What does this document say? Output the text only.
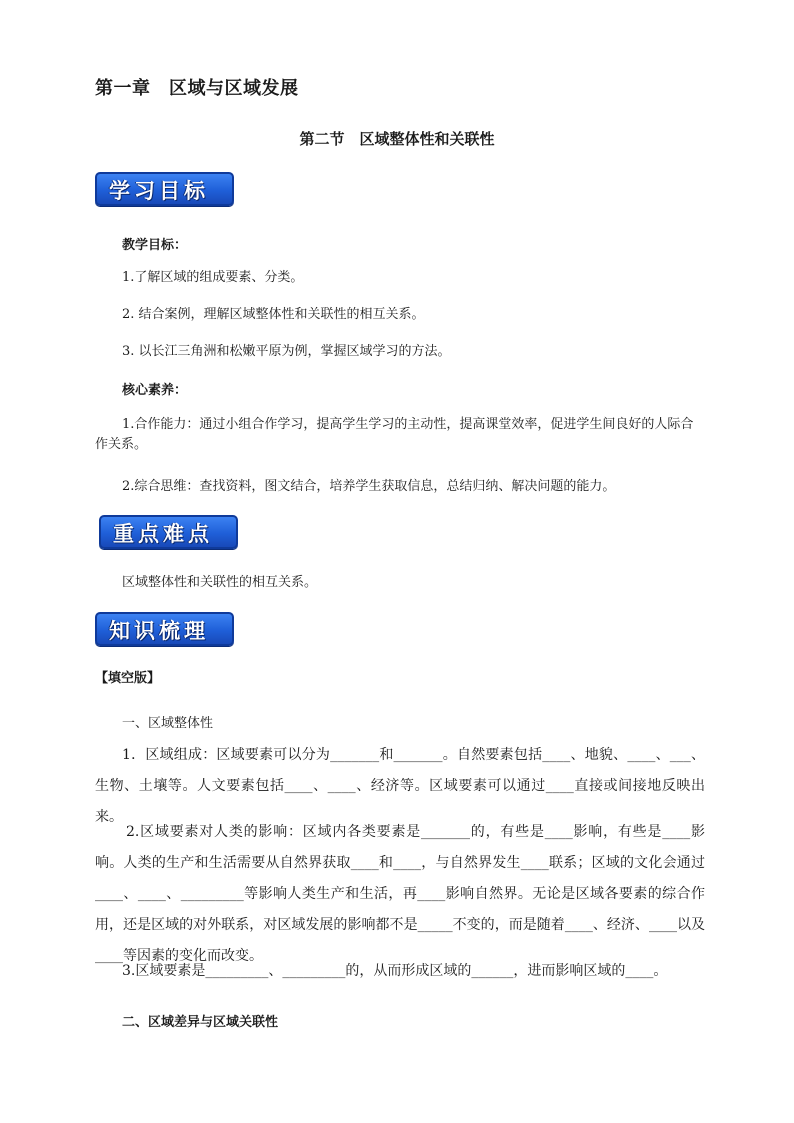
第一章　区域与区域发展
第二节　区域整体性和关联性
学习目标
教学目标：
1.了解区域的组成要素、分类。
2. 结合案例，理解区域整体性和关联性的相互关系。
3. 以长江三角洲和松嫩平原为例，掌握区域学习的方法。
核心素养：
1.合作能力：通过小组合作学习，提高学生学习的主动性，提高课堂效率，促进学生间良好的人际合作关系。
2.综合思维：查找资料，图文结合，培养学生获取信息，总结归纳、解决问题的能力。
重点难点
区域整体性和关联性的相互关系。
知识梳理
【填空版】
一、区域整体性
1．区域组成：区域要素可以分为_______和_______。自然要素包括____、地貌、____、___、生物、土壤等。人文要素包括____、____、经济等。区域要素可以通过____直接或间接地反映出来。
2.区域要素对人类的影响：区域内各类要素是_______的，有些是____影响，有些是____影响。人类的生产和生活需要从自然界获取____和____，与自然界发生____联系；区域的文化会通过____、____、_________等影响人类生产和生活，再____影响自然界。无论是区域各要素的综合作用，还是区域的对外联系，对区域发展的影响都不是_____不变的，而是随着____、经济、____以及____等因素的变化而改变。
3.区域要素是_________、_________的，从而形成区域的______，进而影响区域的____。
二、区域差异与区域关联性
